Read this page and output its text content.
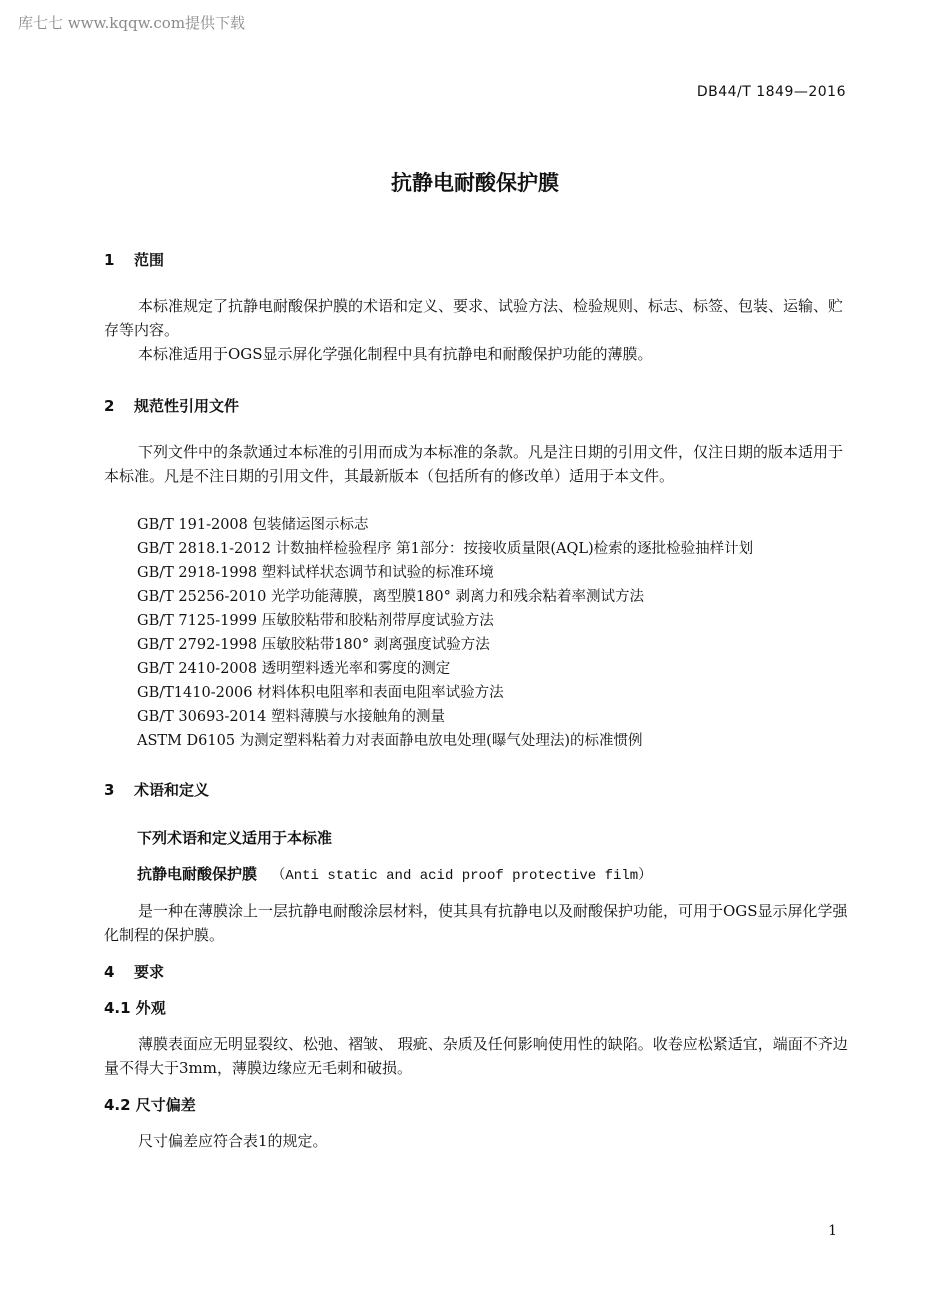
库七七 www.kqqw.com提供下载
DB44/T 1849—2016
抗静电耐酸保护膜
1 范围
本标准规定了抗静电耐酸保护膜的术语和定义、要求、试验方法、检验规则、标志、标签、包装、运输、贮存等内容。
本标准适用于OGS显示屏化学强化制程中具有抗静电和耐酸保护功能的薄膜。
2 规范性引用文件
下列文件中的条款通过本标准的引用而成为本标准的条款。凡是注日期的引用文件，仅注日期的版本适用于本标准。凡是不注日期的引用文件，其最新版本（包括所有的修改单）适用于本文件。
GB/T 191-2008 包装储运图示标志
GB/T 2818.1-2012 计数抽样检验程序 第1部分：按接收质量限(AQL)检索的逐批检验抽样计划
GB/T 2918-1998 塑料试样状态调节和试验的标准环境
GB/T 25256-2010 光学功能薄膜，离型膜180° 剥离力和残余粘着率测试方法
GB/T 7125-1999 压敏胶粘带和胶粘剂带厚度试验方法
GB/T 2792-1998 压敏胶粘带180° 剥离强度试验方法
GB/T 2410-2008 透明塑料透光率和雾度的测定
GB/T1410-2006 材料体积电阻率和表面电阻率试验方法
GB/T 30693-2014 塑料薄膜与水接触角的测量
ASTM D6105 为测定塑料粘着力对表面静电放电处理(曝气处理法)的标准惯例
3 术语和定义
下列术语和定义适用于本标准
抗静电耐酸保护膜 （Anti static and acid proof protective film）
是一种在薄膜涂上一层抗静电耐酸涂层材料，使其具有抗静电以及耐酸保护功能，可用于OGS显示屏化学强化制程的保护膜。
4 要求
4.1 外观
薄膜表面应无明显裂纹、松弛、褶皱、 瑕疵、杂质及任何影响使用性的缺陷。收卷应松紧适宜，端面不齐边量不得大于3mm，薄膜边缘应无毛刺和破损。
4.2 尺寸偏差
尺寸偏差应符合表1的规定。
1
